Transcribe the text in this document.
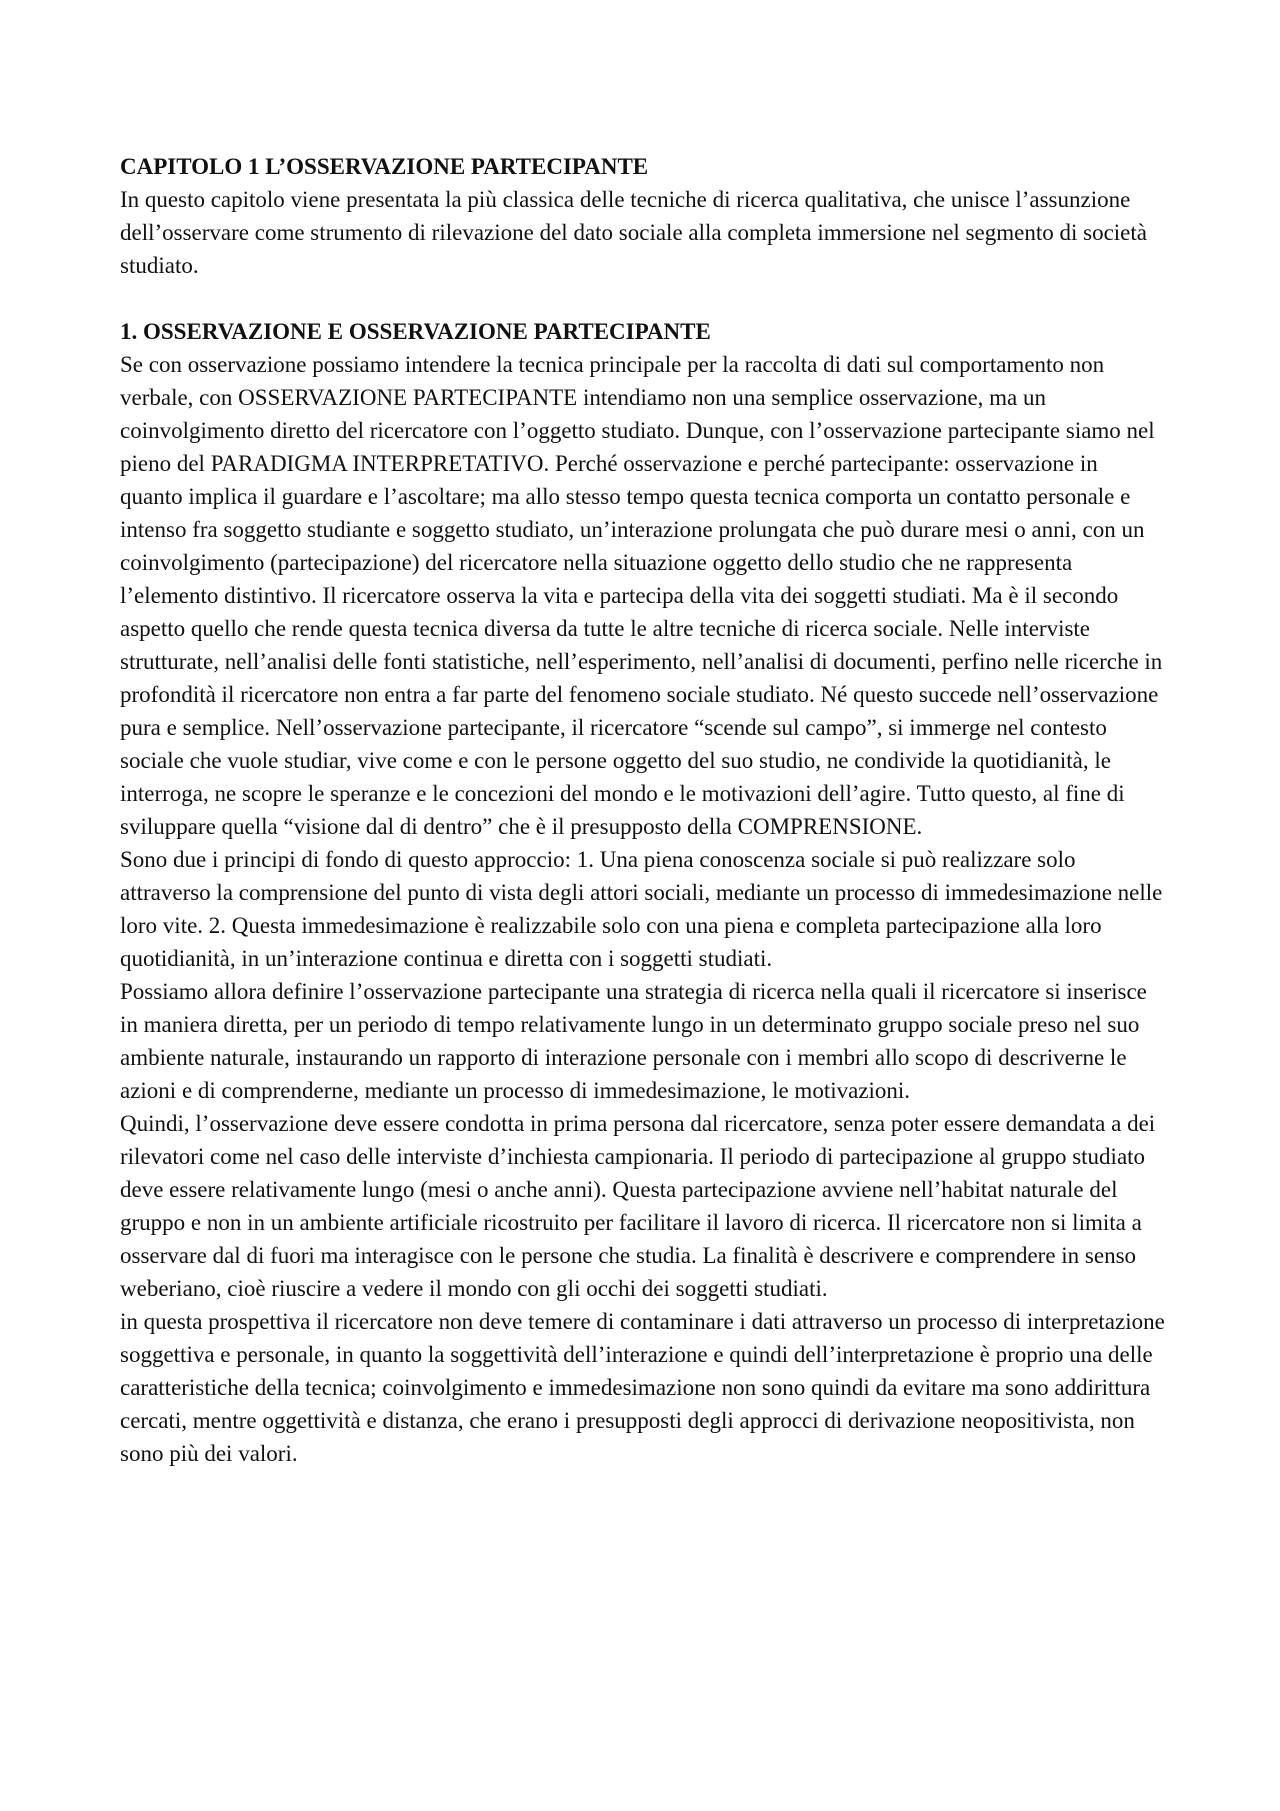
CAPITOLO 1 L’OSSERVAZIONE PARTECIPANTE

In questo capitolo viene presentata la più classica delle tecniche di ricerca qualitativa, che unisce l’assunzione dell’osservare come strumento di rilevazione del dato sociale alla completa immersione nel segmento di società studiato.

1. OSSERVAZIONE E OSSERVAZIONE PARTECIPANTE

Se con osservazione possiamo intendere la tecnica principale per la raccolta di dati sul comportamento non verbale, con OSSERVAZIONE PARTECIPANTE intendiamo non una semplice osservazione, ma un coinvolgimento diretto del ricercatore con l’oggetto studiato. Dunque, con l’osservazione partecipante siamo nel pieno del PARADIGMA INTERPRETATIVO. Perché osservazione e perché partecipante: osservazione in quanto implica il guardare e l’ascoltare; ma allo stesso tempo questa tecnica comporta un contatto personale e intenso fra soggetto studiante e soggetto studiato, un’interazione prolungata che può durare mesi o anni, con un coinvolgimento (partecipazione) del ricercatore nella situazione oggetto dello studio che ne rappresenta l’elemento distintivo. Il ricercatore osserva la vita e partecipa della vita dei soggetti studiati. Ma è il secondo aspetto quello che rende questa tecnica diversa da tutte le altre tecniche di ricerca sociale. Nelle interviste strutturate, nell’analisi delle fonti statistiche, nell’esperimento, nell’analisi di documenti, perfino nelle ricerche in profondità il ricercatore non entra a far parte del fenomeno sociale studiato. Né questo succede nell’osservazione pura e semplice. Nell’osservazione partecipante, il ricercatore “scende sul campo”, si immerge nel contesto sociale che vuole studiar, vive come e con le persone oggetto del suo studio, ne condivide la quotidianità, le interroga, ne scopre le speranze e le concezioni del mondo e le motivazioni dell’agire. Tutto questo, al fine di sviluppare quella “visione dal di dentro” che è il presupposto della COMPRENSIONE.

Sono due i principi di fondo di questo approccio: 1. Una piena conoscenza sociale si può realizzare solo attraverso la comprensione del punto di vista degli attori sociali, mediante un processo di immedesimazione nelle loro vite. 2. Questa immedesimazione è realizzabile solo con una piena e completa partecipazione alla loro quotidianità, in un’interazione continua e diretta con i soggetti studiati.

Possiamo allora definire l’osservazione partecipante una strategia di ricerca nella quali il ricercatore si inserisce in maniera diretta, per un periodo di tempo relativamente lungo in un determinato gruppo sociale preso nel suo ambiente naturale, instaurando un rapporto di interazione personale con i membri allo scopo di descriverne le azioni e di comprenderne, mediante un processo di immedesimazione, le motivazioni.

Quindi, l’osservazione deve essere condotta in prima persona dal ricercatore, senza poter essere demandata a dei rilevatori come nel caso delle interviste d’inchiesta campionaria. Il periodo di partecipazione al gruppo studiato deve essere relativamente lungo (mesi o anche anni). Questa partecipazione avviene nell’habitat naturale del gruppo e non in un ambiente artificiale ricostruito per facilitare il lavoro di ricerca. Il ricercatore non si limita a osservare dal di fuori ma interagisce con le persone che studia. La finalità è descrivere e comprendere in senso weberiano, cioè riuscire a vedere il mondo con gli occhi dei soggetti studiati.

in questa prospettiva il ricercatore non deve temere di contaminare i dati attraverso un processo di interpretazione soggettiva e personale, in quanto la soggettività dell’interazione e quindi dell’interpretazione è proprio una delle caratteristiche della tecnica; coinvolgimento e immedesimazione non sono quindi da evitare ma sono addirittura cercati, mentre oggettività e distanza, che erano i presupposti degli approcci di derivazione neopositivista, non sono più dei valori.
